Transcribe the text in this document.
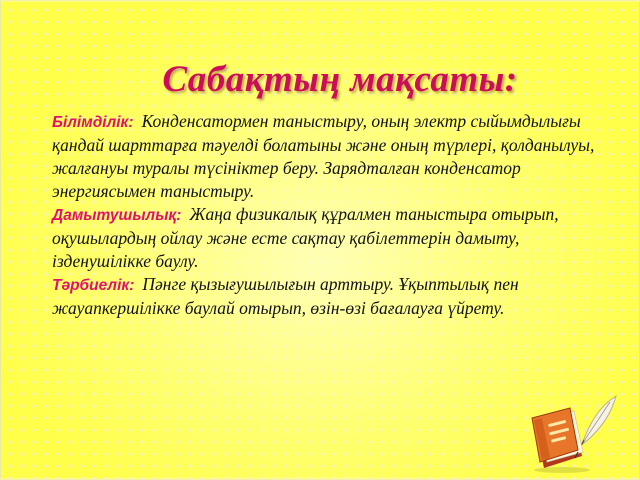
Сабақтың мақсаты:

Білімділік: Конденсатормен таныстыру, оның электр сыйымдылығы қандай шарттарға тәуелді болатыны және оның түрлері, қолданылуы, жалғануы туралы түсініктер беру. Зарядталған конденсатор энергиясымен таныстыру.

Дамытушылық: Жаңа физикалық құралмен таныстыра отырып, оқушылардың ойлау және есте сақтау қабілеттерін дамыту, ізденушілікке баулу.

Тәрбиелік: Пәнге қызығушылығын арттыру. Ұқыптылық пен жауапкершілікке баулай отырып, өзін-өзі бағалауға үйрету.
